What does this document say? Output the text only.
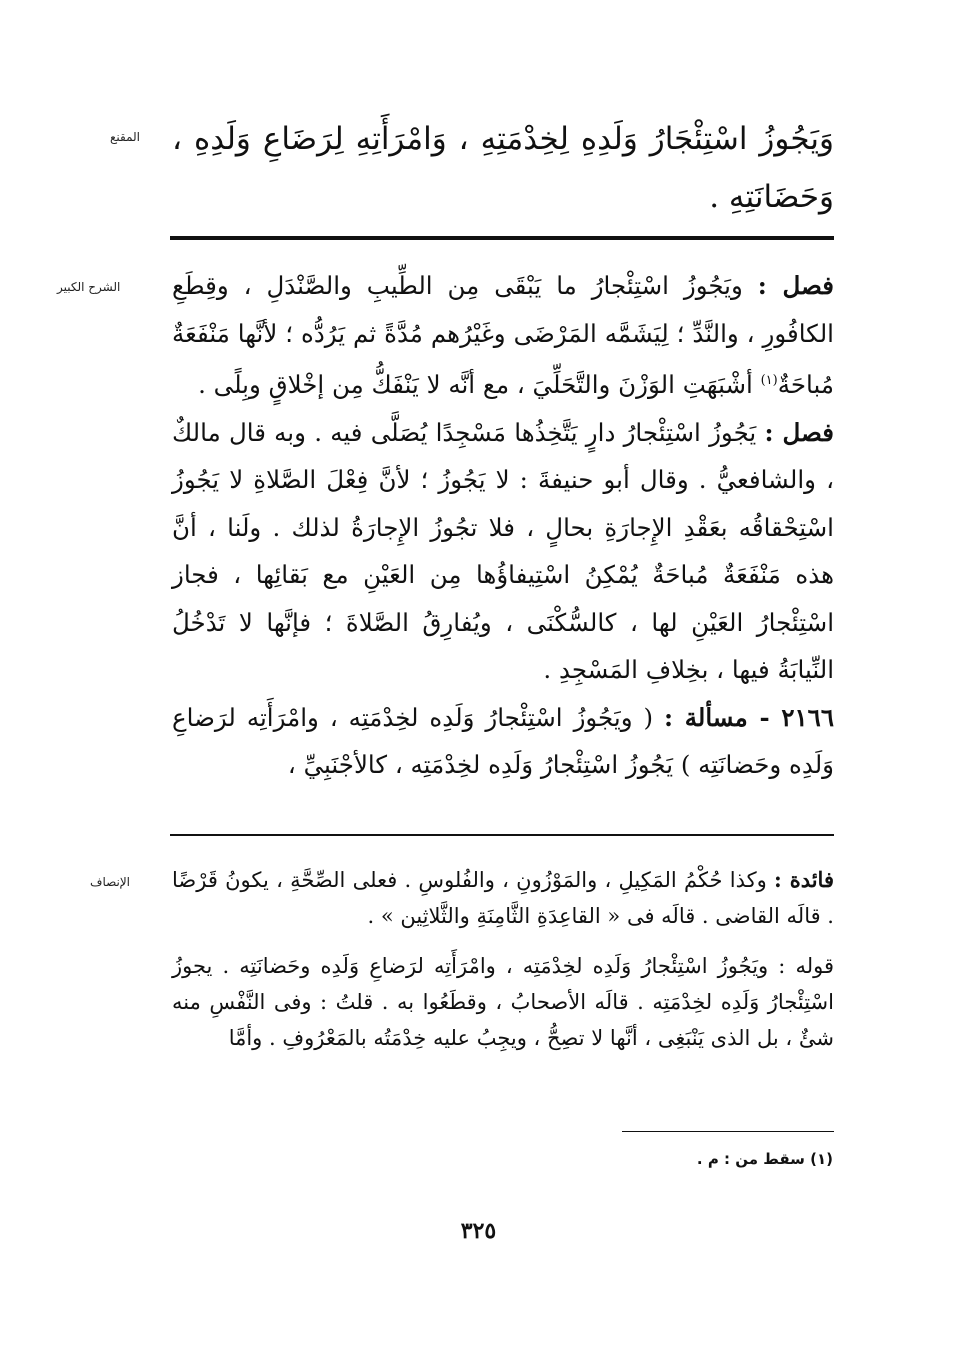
المقنع وَيَجُوزُ اسْتِئْجَارُ وَلَدِهِ لِخِدْمَتِهِ ، وَامْرَأَتِهِ لِرَضَاعِ وَلَدِهِ ، وَحَضَانَتِهِ .
الشرح الكبير	فصل : ويَجُوزُ اسْتِئْجارُ ما يَبْقَى مِن الطِّيبِ والصَّنْدَلِ ، وقِطَعِ الكافُورِ ، والنَّدِّ ؛ لِيَشَمَّه المَرْضَى وغَيْرُهم مُدَّةً ثم يَرُدُّه ؛ لأنَّها مَنْفَعَةٌ مُباحَةٌ$^{(١)}$ أشْبَهَتِ الوَزْنَ والتَّحَلِّيَ ، مع أنَّه لا يَنْفَكُّ مِن إخْلاقٍ وبِلًى .

فصل : يَجُوزُ اسْتِئْجارُ دارٍ يَتَّخِذُها مَسْجِدًا يُصَلَّى فيه . وبه قال مالكٌ ، والشافعيُّ . وقال أبو حنيفةَ : لا يَجُوزُ ؛ لأنَّ فِعْلَ الصَّلاةِ لا يَجُوزُ اسْتِحْقاقُه بعَقْدِ الإِجارَةِ بحالٍ ، فلا تجُوزُ الإِجارَةُ لذلك . ولَنا ، أنَّ هذه مَنْفَعَةٌ مُباحَةٌ يُمْكِنُ اسْتِيفاؤُها مِن العَيْنِ مع بَقائِها ، فجاز اسْتِئْجارُ العَيْنِ لها ، كالسُّكْنَى ، ويُفارِقُ الصَّلاةَ ؛ فإنَّها لا تَدْخُلُ النِّيابَةُ فيها ، بخِلافِ المَسْجِدِ .

٢١٦٦ - مسألة : ( ويَجُوزُ اسْتِئْجارُ وَلَدِه لخِدْمَتِه ، وامْرَأَتِه لرَضاعِ وَلَدِه وحَضانَتِه ) يَجُوزُ اسْتِئْجارُ وَلَدِه لخِدْمَتِه ، كالأجْنَبِيِّ ،

الإنصاف	فائدة : وكذا حُكْمُ المَكِيلِ ، والمَوْزُونِ ، والفُلوسِ . فعلى الصِّحَّةِ ، يكونُ قَرْضًا . قالَه القاضى . قالَه فى « القاعِدَةِ الثَّامِنَةِ والثَّلاثِين » .

قوله : ويَجُوزُ اسْتِئْجارُ وَلَدِه لخِدْمَتِه ، وامْرَأَتِه لرَضاعِ وَلَدِه وحَضانَتِه . يجوزُ اسْتِئْجارُ وَلَدِه لخِدْمَتِه . قالَه الأصحابُ ، وقطَعُوا به . قلتُ : وفى النَّفْسِ منه شئٌ ، بل الذى يَنْبَغِى ، أنَّها لا تصِحُّ ، ويجِبُ عليه خِدْمَتُه بالمَعْرُوفِ . وأمَّا

(١) سقط من : م .
٣٢٥
